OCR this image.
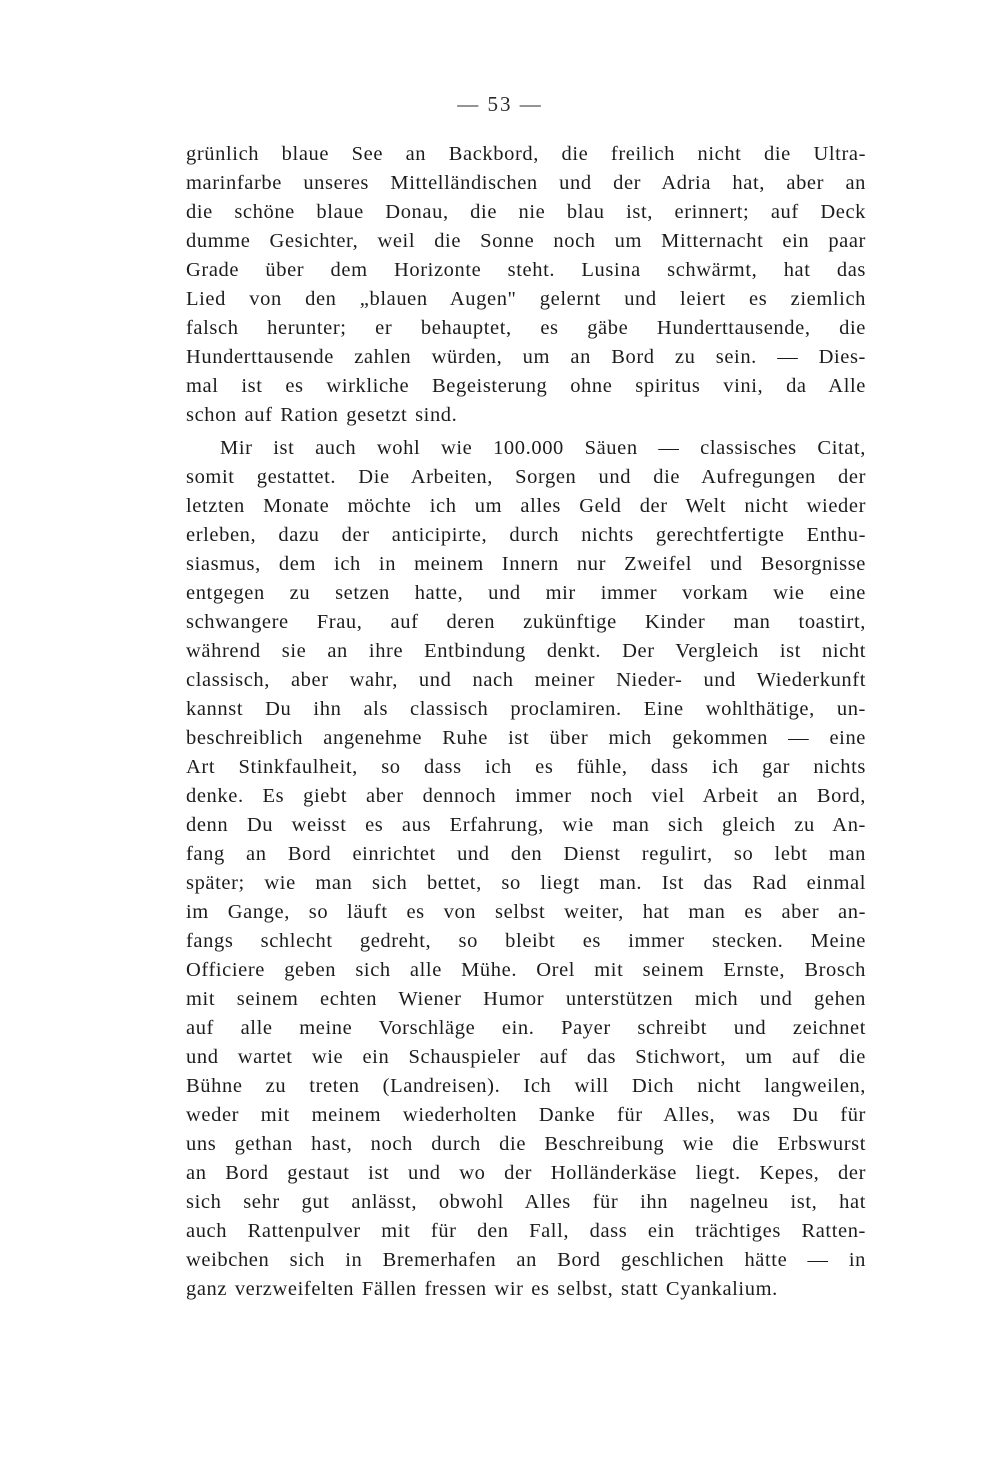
— 53 —
grünlich blaue See an Backbord, die freilich nicht die Ultra-
marinfarbe unseres Mittelländischen und der Adria hat, aber an
die schöne blaue Donau, die nie blau ist, erinnert; auf Deck
dumme Gesichter, weil die Sonne noch um Mitternacht ein paar
Grade über dem Horizonte steht. Lusina schwärmt, hat das
Lied von den „blauen Augen" gelernt und leiert es ziemlich
falsch herunter; er behauptet, es gäbe Hunderttausende, die
Hunderttausende zahlen würden, um an Bord zu sein. — Dies-
mal ist es wirkliche Begeisterung ohne spiritus vini, da Alle
schon auf Ration gesetzt sind.
Mir ist auch wohl wie 100.000 Säuen — classisches Citat,
somit gestattet. Die Arbeiten, Sorgen und die Aufregungen der
letzten Monate möchte ich um alles Geld der Welt nicht wieder
erleben, dazu der anticipirte, durch nichts gerechtfertigte Enthu-
siasmus, dem ich in meinem Innern nur Zweifel und Besorgnisse
entgegen zu setzen hatte, und mir immer vorkam wie eine
schwangere Frau, auf deren zukünftige Kinder man toastirt,
während sie an ihre Entbindung denkt. Der Vergleich ist nicht
classisch, aber wahr, und nach meiner Nieder- und Wiederkunft
kannst Du ihn als classisch proclamiren. Eine wohlthätige, un-
beschreiblich angenehme Ruhe ist über mich gekommen — eine
Art Stinkfaulheit, so dass ich es fühle, dass ich gar nichts
denke. Es giebt aber dennoch immer noch viel Arbeit an Bord,
denn Du weisst es aus Erfahrung, wie man sich gleich zu An-
fang an Bord einrichtet und den Dienst regulirt, so lebt man
später; wie man sich bettet, so liegt man. Ist das Rad einmal
im Gange, so läuft es von selbst weiter, hat man es aber an-
fangs schlecht gedreht, so bleibt es immer stecken. Meine
Officiere geben sich alle Mühe. Orel mit seinem Ernste, Brosch
mit seinem echten Wiener Humor unterstützen mich und gehen
auf alle meine Vorschläge ein. Payer schreibt und zeichnet
und wartet wie ein Schauspieler auf das Stichwort, um auf die
Bühne zu treten (Landreisen). Ich will Dich nicht langweilen,
weder mit meinem wiederholten Danke für Alles, was Du für
uns gethan hast, noch durch die Beschreibung wie die Erbswurst
an Bord gestaut ist und wo der Holländerkäse liegt. Kepes, der
sich sehr gut anlässt, obwohl Alles für ihn nagelneu ist, hat
auch Rattenpulver mit für den Fall, dass ein trächtiges Ratten-
weibchen sich in Bremerhafen an Bord geschlichen hätte — in
ganz verzweifelten Fällen fressen wir es selbst, statt Cyankalium.
